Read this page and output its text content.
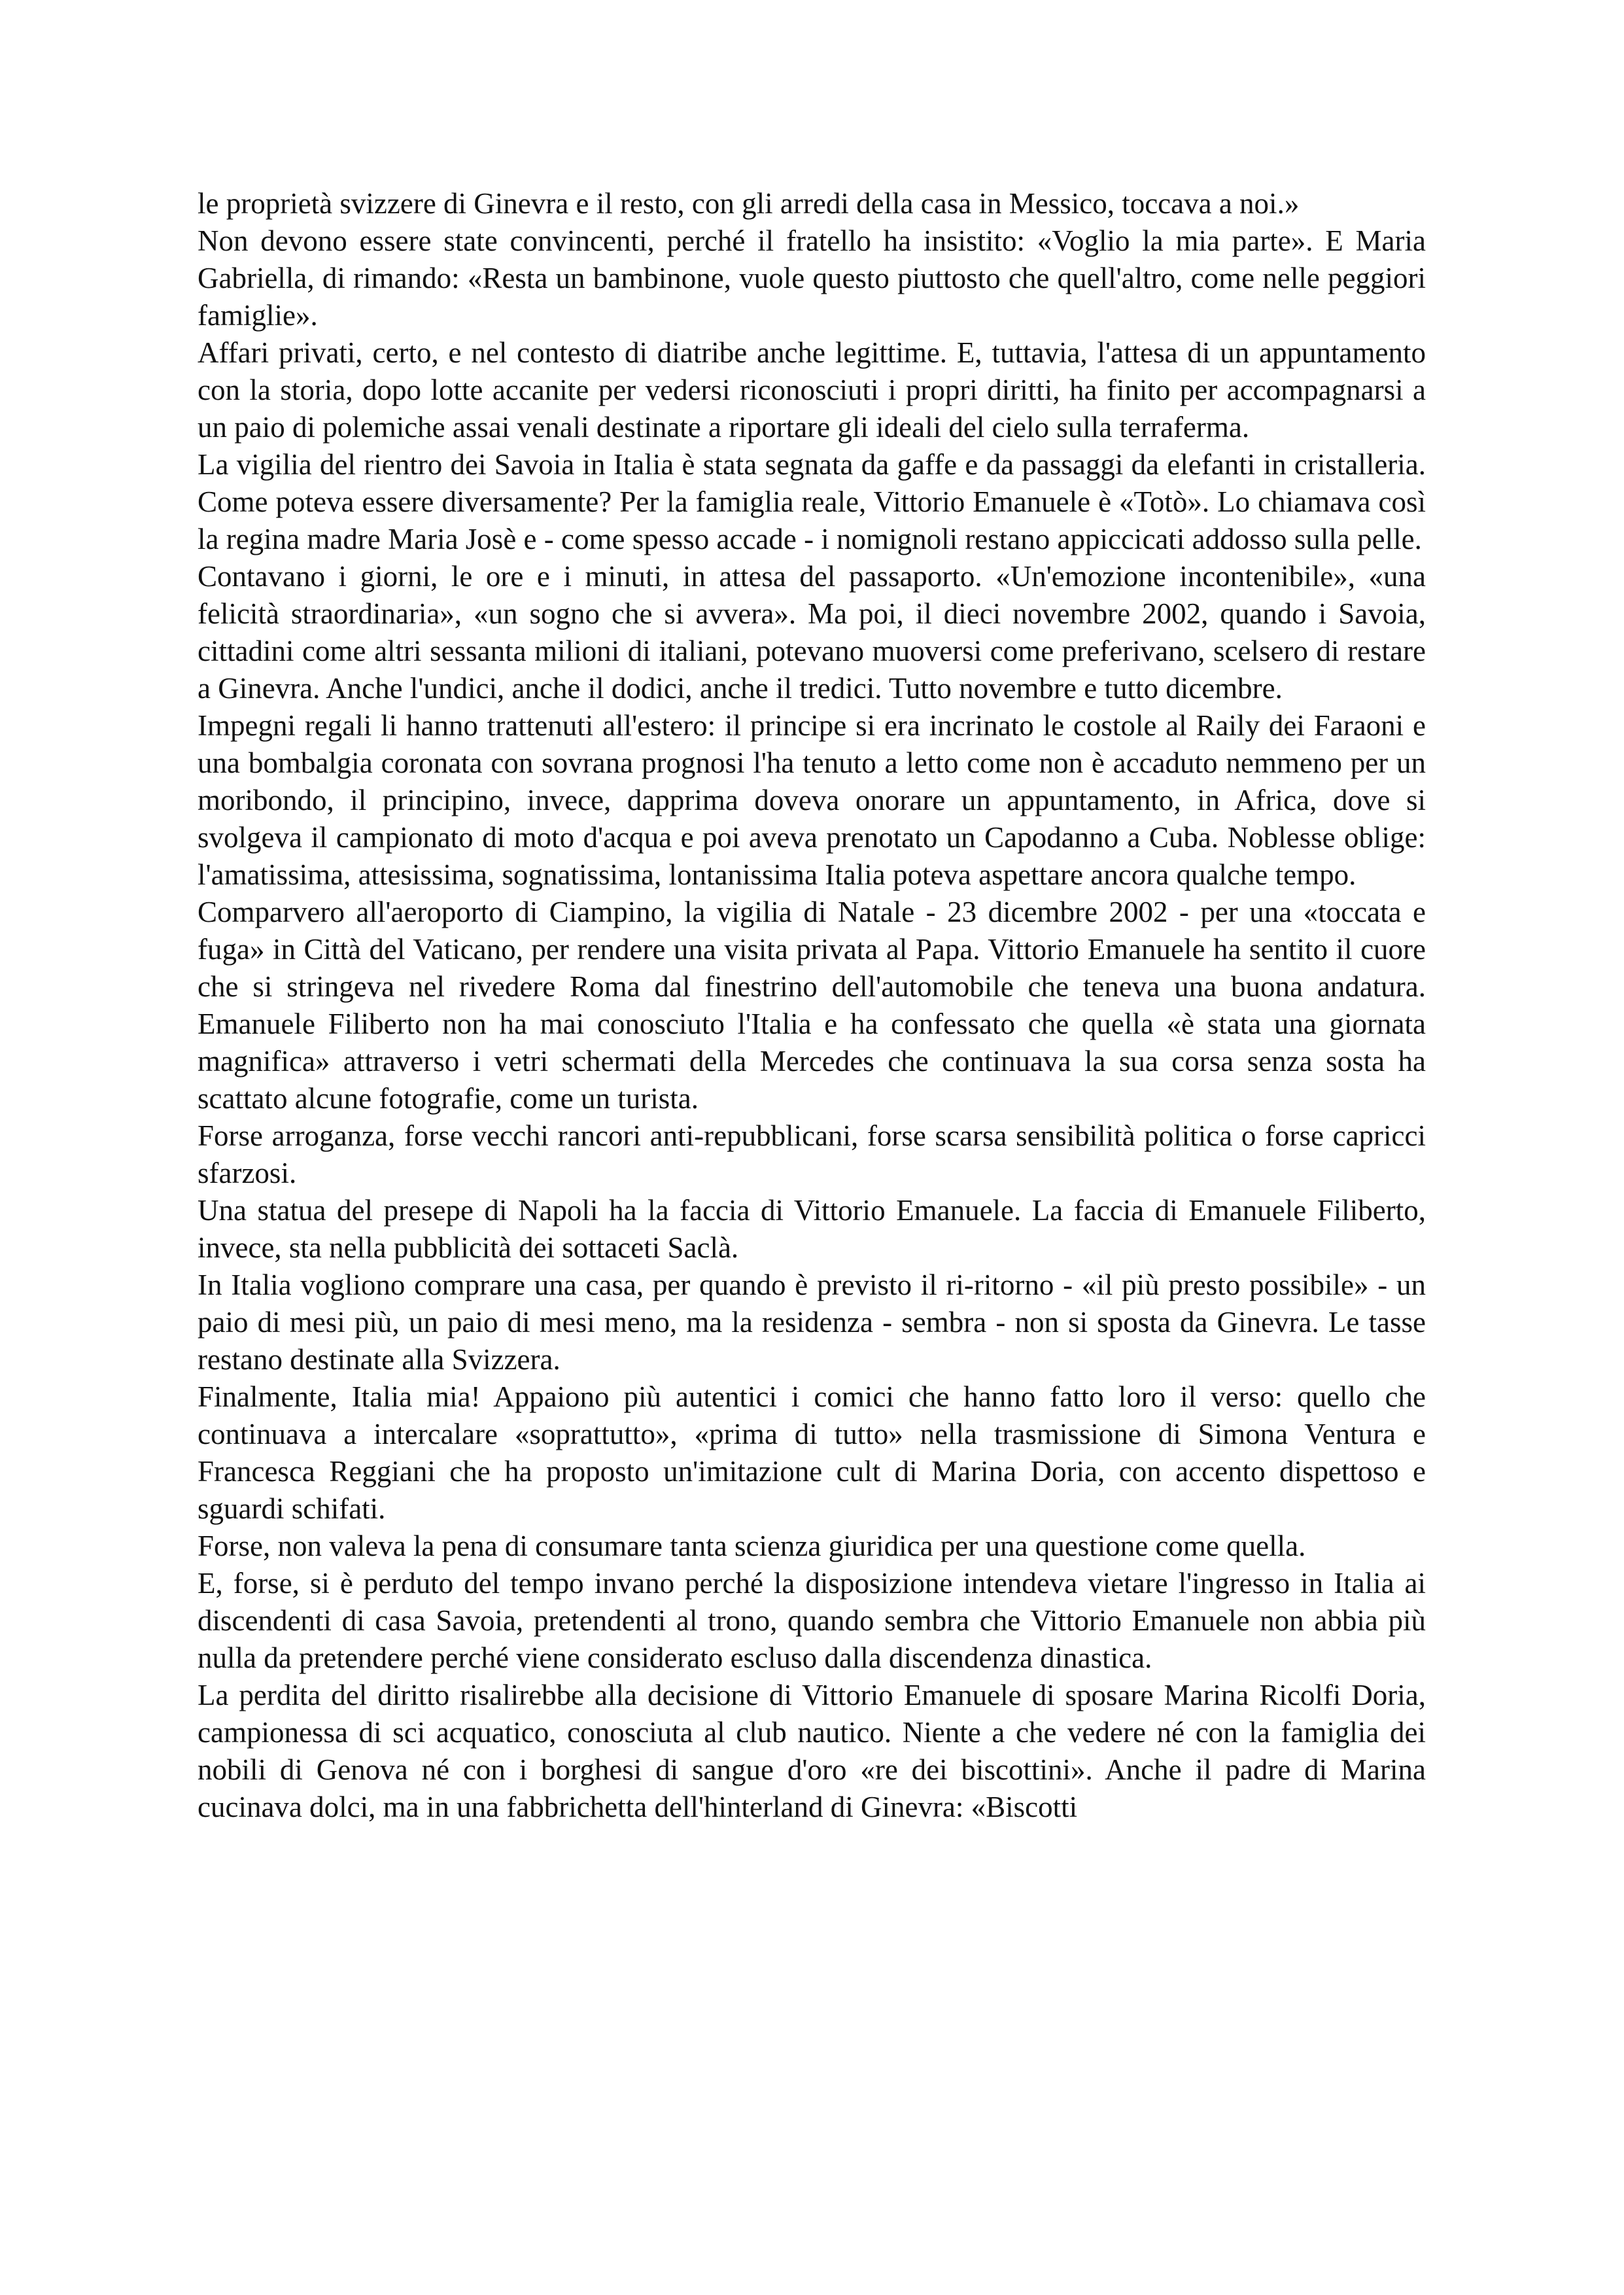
le proprietà svizzere di Ginevra e il resto, con gli arredi della casa in Messico, toccava a noi.»

Non devono essere state convincenti, perché il fratello ha insistito: «Voglio la mia parte». E Maria Gabriella, di rimando: «Resta un bambinone, vuole questo piuttosto che quell'altro, come nelle peggiori famiglie».

Affari privati, certo, e nel contesto di diatribe anche legittime. E, tuttavia, l'attesa di un appuntamento con la storia, dopo lotte accanite per vedersi riconosciuti i propri diritti, ha finito per accompagnarsi a un paio di polemiche assai venali destinate a riportare gli ideali del cielo sulla terraferma.

La vigilia del rientro dei Savoia in Italia è stata segnata da gaffe e da passaggi da elefanti in cristalleria. Come poteva essere diversamente? Per la famiglia reale, Vittorio Emanuele è «Totò». Lo chiamava così la regina madre Maria Josè e - come spesso accade - i nomignoli restano appiccicati addosso sulla pelle.

Contavano i giorni, le ore e i minuti, in attesa del passaporto. «Un'emozione incontenibile», «una felicità straordinaria», «un sogno che si avvera». Ma poi, il dieci novembre 2002, quando i Savoia, cittadini come altri sessanta milioni di italiani, potevano muoversi come preferivano, scelsero di restare a Ginevra. Anche l'undici, anche il dodici, anche il tredici. Tutto novembre e tutto dicembre.

Impegni regali li hanno trattenuti all'estero: il principe si era incrinato le costole al Raily dei Faraoni e una bombalgia coronata con sovrana prognosi l'ha tenuto a letto come non è accaduto nemmeno per un moribondo, il principino, invece, dapprima doveva onorare un appuntamento, in Africa, dove si svolgeva il campionato di moto d'acqua e poi aveva prenotato un Capodanno a Cuba. Noblesse oblige: l'amatissima, attesissima, sognatissima, lontanissima Italia poteva aspettare ancora qualche tempo.

Comparvero all'aeroporto di Ciampino, la vigilia di Natale - 23 dicembre 2002 - per una «toccata e fuga» in Città del Vaticano, per rendere una visita privata al Papa. Vittorio Emanuele ha sentito il cuore che si stringeva nel rivedere Roma dal finestrino dell'automobile che teneva una buona andatura. Emanuele Filiberto non ha mai conosciuto l'Italia e ha confessato che quella «è stata una giornata magnifica» attraverso i vetri schermati della Mercedes che continuava la sua corsa senza sosta ha scattato alcune fotografie, come un turista.

Forse arroganza, forse vecchi rancori anti-repubblicani, forse scarsa sensibilità politica o forse capricci sfarzosi.

Una statua del presepe di Napoli ha la faccia di Vittorio Emanuele. La faccia di Emanuele Filiberto, invece, sta nella pubblicità dei sottaceti Saclà.

In Italia vogliono comprare una casa, per quando è previsto il ri-ritorno - «il più presto possibile» - un paio di mesi più, un paio di mesi meno, ma la residenza - sembra - non si sposta da Ginevra. Le tasse restano destinate alla Svizzera.

Finalmente, Italia mia! Appaiono più autentici i comici che hanno fatto loro il verso: quello che continuava a intercalare «soprattutto», «prima di tutto» nella trasmissione di Simona Ventura e Francesca Reggiani che ha proposto un'imitazione cult di Marina Doria, con accento dispettoso e sguardi schifati.

Forse, non valeva la pena di consumare tanta scienza giuridica per una questione come quella.

E, forse, si è perduto del tempo invano perché la disposizione intendeva vietare l'ingresso in Italia ai discendenti di casa Savoia, pretendenti al trono, quando sembra che Vittorio Emanuele non abbia più nulla da pretendere perché viene considerato escluso dalla discendenza dinastica.

La perdita del diritto risalirebbe alla decisione di Vittorio Emanuele di sposare Marina Ricolfi Doria, campionessa di sci acquatico, conosciuta al club nautico. Niente a che vedere né con la famiglia dei nobili di Genova né con i borghesi di sangue d'oro «re dei biscottini». Anche il padre di Marina cucinava dolci, ma in una fabbrichetta dell'hinterland di Ginevra: «Biscotti
